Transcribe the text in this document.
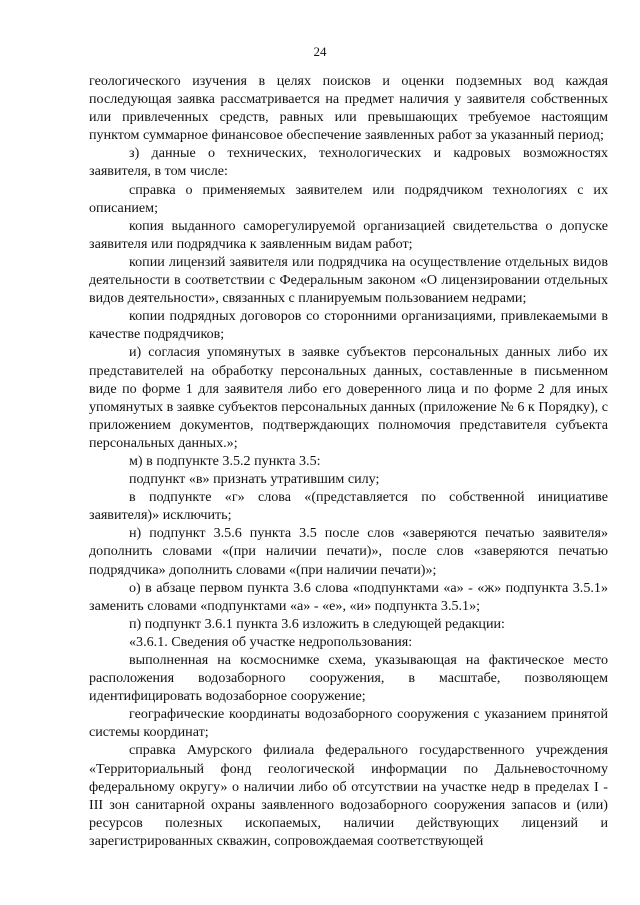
24

геологического изучения в целях поисков и оценки подземных вод каждая последующая заявка рассматривается на предмет наличия у заявителя собственных или привлеченных средств, равных или превышающих требуемое настоящим пунктом суммарное финансовое обеспечение заявленных работ за указанный период;

з) данные о технических, технологических и кадровых возможностях заявителя, в том числе:

справка о применяемых заявителем или подрядчиком технологиях с их описанием;

копия выданного саморегулируемой организацией свидетельства о допуске заявителя или подрядчика к заявленным видам работ;

копии лицензий заявителя или подрядчика на осуществление отдельных видов деятельности в соответствии с Федеральным законом «О лицензировании отдельных видов деятельности», связанных с планируемым пользованием недрами;

копии подрядных договоров со сторонними организациями, привлекаемыми в качестве подрядчиков;

и) согласия упомянутых в заявке субъектов персональных данных либо их представителей на обработку персональных данных, составленные в письменном виде по форме 1 для заявителя либо его доверенного лица и по форме 2 для иных упомянутых в заявке субъектов персональных данных (приложение № 6 к Порядку), с приложением документов, подтверждающих полномочия представителя субъекта персональных данных.»;

м) в подпункте 3.5.2 пункта 3.5:

подпункт «в» признать утратившим силу;

в подпункте «г» слова «(представляется по собственной инициативе заявителя)» исключить;

н) подпункт 3.5.6 пункта 3.5 после слов «заверяются печатью заявителя» дополнить словами «(при наличии печати)», после слов «заверяются печатью подрядчика» дополнить словами «(при наличии печати)»;

о) в абзаце первом пункта 3.6 слова «подпунктами «а» - «ж» подпункта 3.5.1» заменить словами «подпунктами «а» - «е», «и» подпункта 3.5.1»;

п) подпункт 3.6.1 пункта 3.6 изложить в следующей редакции:

«3.6.1. Сведения об участке недропользования:

выполненная на космоснимке схема, указывающая на фактическое место расположения водозаборного сооружения, в масштабе, позволяющем идентифицировать водозаборное сооружение;

географические координаты водозаборного сооружения с указанием принятой системы координат;

справка Амурского филиала федерального государственного учреждения «Территориальный фонд геологической информации по Дальневосточному федеральному округу» о наличии либо об отсутствии на участке недр в пределах I - III зон санитарной охраны заявленного водозаборного сооружения запасов и (или) ресурсов полезных ископаемых, наличии действующих лицензий и зарегистрированных скважин, сопровождаемая соответствующей
